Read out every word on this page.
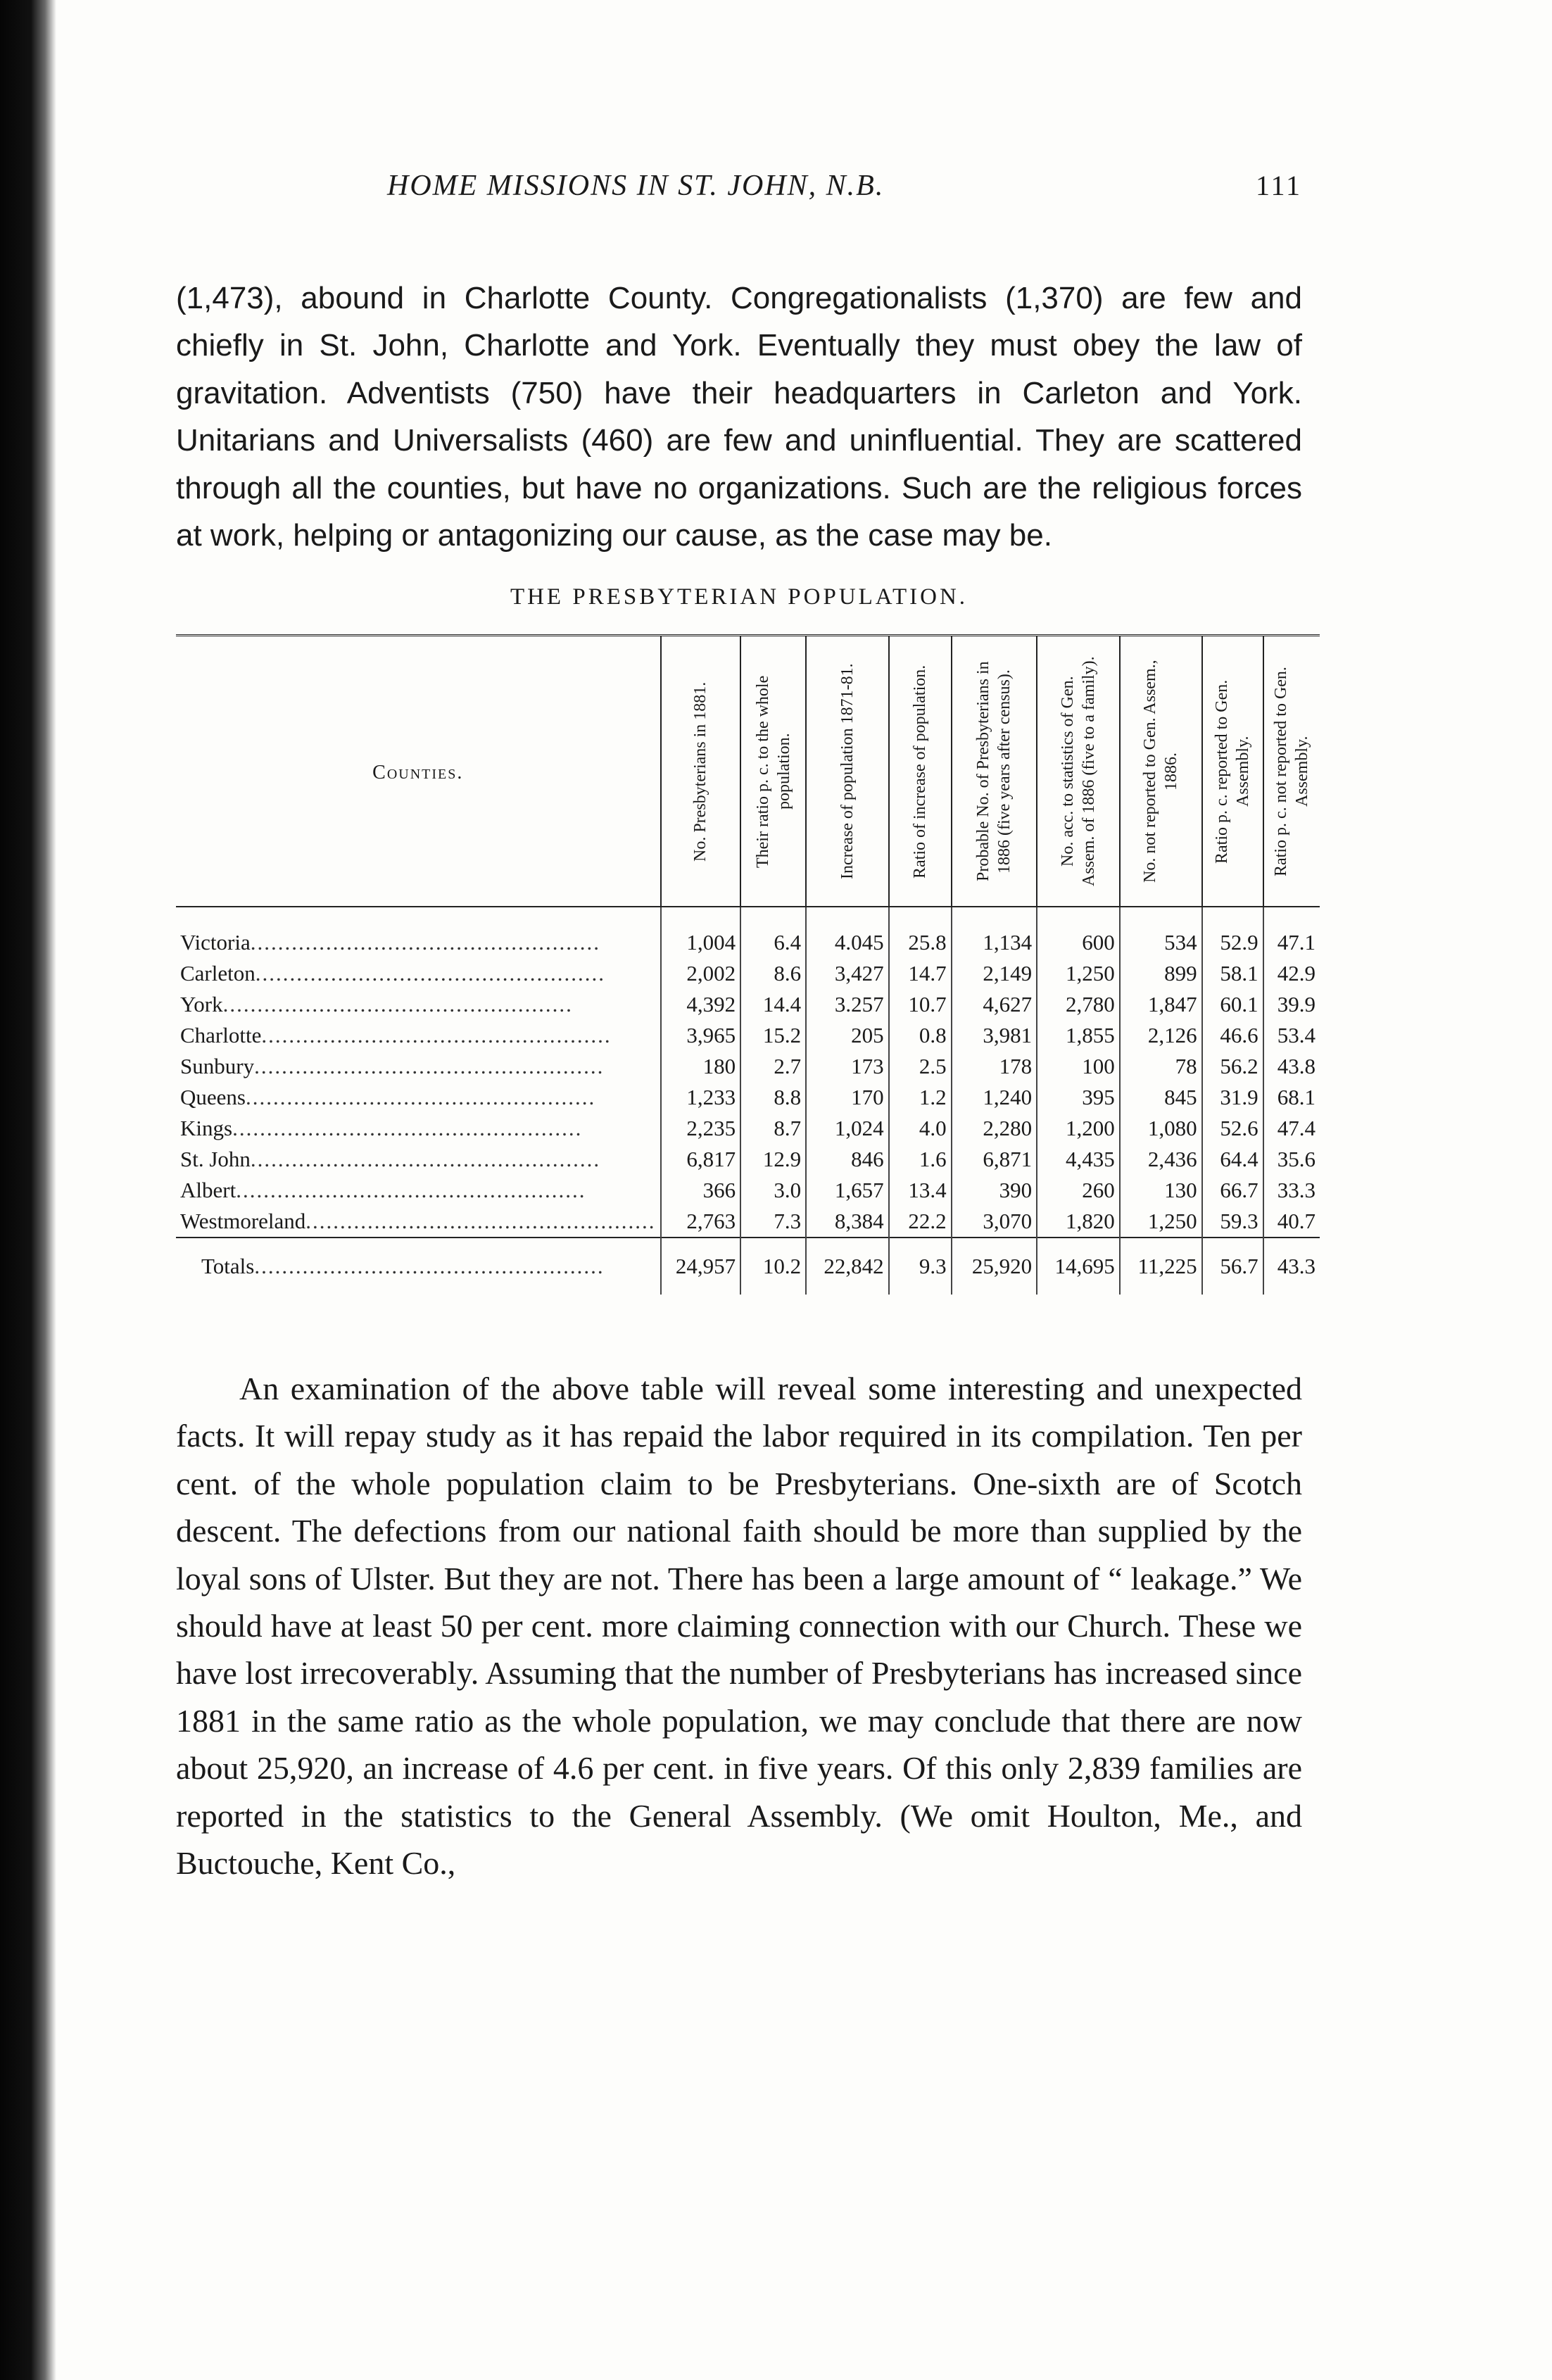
HOME MISSIONS IN ST. JOHN, N.B.	111

(1,473), abound in Charlotte County. Congregationalists (1,370) are few and chiefly in St. John, Charlotte and York. Eventually they must obey the law of gravitation. Adventists (750) have their headquarters in Carleton and York. Unitarians and Universalists (460) are few and uninfluential. They are scattered through all the counties, but have no organizations. Such are the religious forces at work, helping or antagonizing our cause, as the case may be.

THE PRESBYTERIAN POPULATION.
Counties.	No. Presbyterians in 1881.	Their ratio p. c. to the whole population.	Increase of population 1871-81.	Ratio of increase of population.	Probable No. of Presbyterians in 1886 (five years after census).	No. acc. to statistics of Gen. Assem. of 1886 (five to a family).	No. not reported to Gen. Assem., 1886.	Ratio p. c. reported to Gen. Assembly.	Ratio p. c. not reported to Gen. Assembly.

Victoria ...................................................	1,004	6.4	4.045	25.8	1,134	600	534	52.9	47.1

Carleton ...................................................	2,002	8.6	3,427	14.7	2,149	1,250	899	58.1	42.9

York ...................................................	4,392	14.4	3.257	10.7	4,627	2,780	1,847	60.1	39.9

Charlotte ...................................................	3,965	15.2	205	0.8	3,981	1,855	2,126	46.6	53.4

Sunbury ...................................................	180	2.7	173	2.5	178	100	78	56.2	43.8

Queens ...................................................	1,233	8.8	170	1.2	1,240	395	845	31.9	68.1

Kings ...................................................	2,235	8.7	1,024	4.0	2,280	1,200	1,080	52.6	47.4

St. John ...................................................	6,817	12.9	846	1.6	6,871	4,435	2,436	64.4	35.6

Albert ...................................................	366	3.0	1,657	13.4	390	260	130	66.7	33.3

Westmoreland ...................................................	2,763	7.3	8,384	22.2	3,070	1,820	1,250	59.3	40.7

Totals ...................................................	24,957	10.2	22,842	9.3	25,920	14,695	11,225	56.7	43.3

An examination of the above table will reveal some interesting and unexpected facts. It will repay study as it has repaid the labor required in its compilation. Ten per cent. of the whole population claim to be Presbyterians. One-sixth are of Scotch descent. The defections from our national faith should be more than supplied by the loyal sons of Ulster. But they are not. There has been a large amount of “ leakage.” We should have at least 50 per cent. more claiming connection with our Church. These we have lost irrecoverably. Assuming that the number of Presbyterians has increased since 1881 in the same ratio as the whole population, we may conclude that there are now about 25,920, an increase of 4.6 per cent. in five years. Of this only 2,839 families are reported in the statistics to the General Assembly. (We omit Houlton, Me., and Buctouche, Kent Co.,
